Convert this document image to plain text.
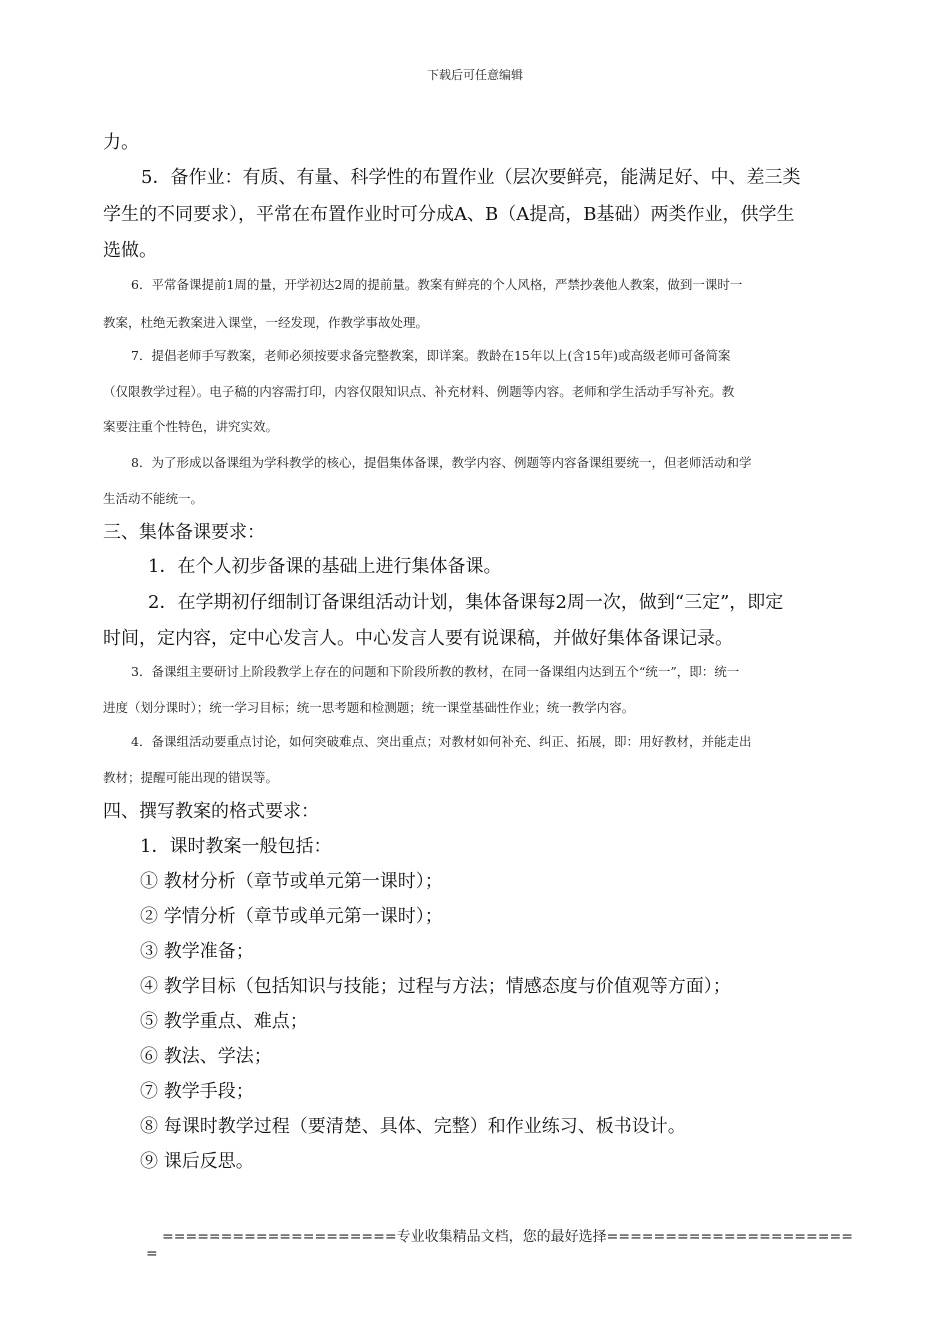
下载后可任意编辑
力。
5．备作业：有质、有量、科学性的布置作业（层次要鲜亮，能满足好、中、差三类
学生的不同要求），平常在布置作业时可分成A、B（A提高，B基础）两类作业，供学生
选做。
6．平常备课提前1周的量，开学初达2周的提前量。教案有鲜亮的个人风格，严禁抄袭他人教案，做到一课时一
教案，杜绝无教案进入课堂，一经发现，作教学事故处理。
7．提倡老师手写教案，老师必须按要求备完整教案，即详案。教龄在15年以上(含15年)或高级老师可备简案
（仅限教学过程）。电子稿的内容需打印，内容仅限知识点、补充材料、例题等内容。老师和学生活动手写补充。教
案要注重个性特色，讲究实效。
8．为了形成以备课组为学科教学的核心，提倡集体备课，教学内容、例题等内容备课组要统一，但老师活动和学
生活动不能统一。
三、集体备课要求：
1．在个人初步备课的基础上进行集体备课。
2．在学期初仔细制订备课组活动计划，集体备课每2周一次，做到“三定”，即定
时间，定内容，定中心发言人。中心发言人要有说课稿，并做好集体备课记录。
3．备课组主要研讨上阶段教学上存在的问题和下阶段所教的教材，在同一备课组内达到五个“统一”，即：统一
进度（划分课时）；统一学习目标；统一思考题和检测题；统一课堂基础性作业；统一教学内容。
4．备课组活动要重点讨论，如何突破难点、突出重点；对教材如何补充、纠正、拓展，即：用好教材，并能走出
教材；提醒可能出现的错误等。
四、撰写教案的格式要求：
1．课时教案一般包括：
① 教材分析（章节或单元第一课时）；
② 学情分析（章节或单元第一课时）；
③ 教学准备；
④ 教学目标（包括知识与技能；过程与方法；情感态度与价值观等方面）；
⑤ 教学重点、难点；
⑥ 教法、学法；
⑦ 教学手段；
⑧ 每课时教学过程（要清楚、具体、完整）和作业练习、板书设计。
⑨ 课后反思。
====================专业收集精品文档，您的最好选择=====================
=
